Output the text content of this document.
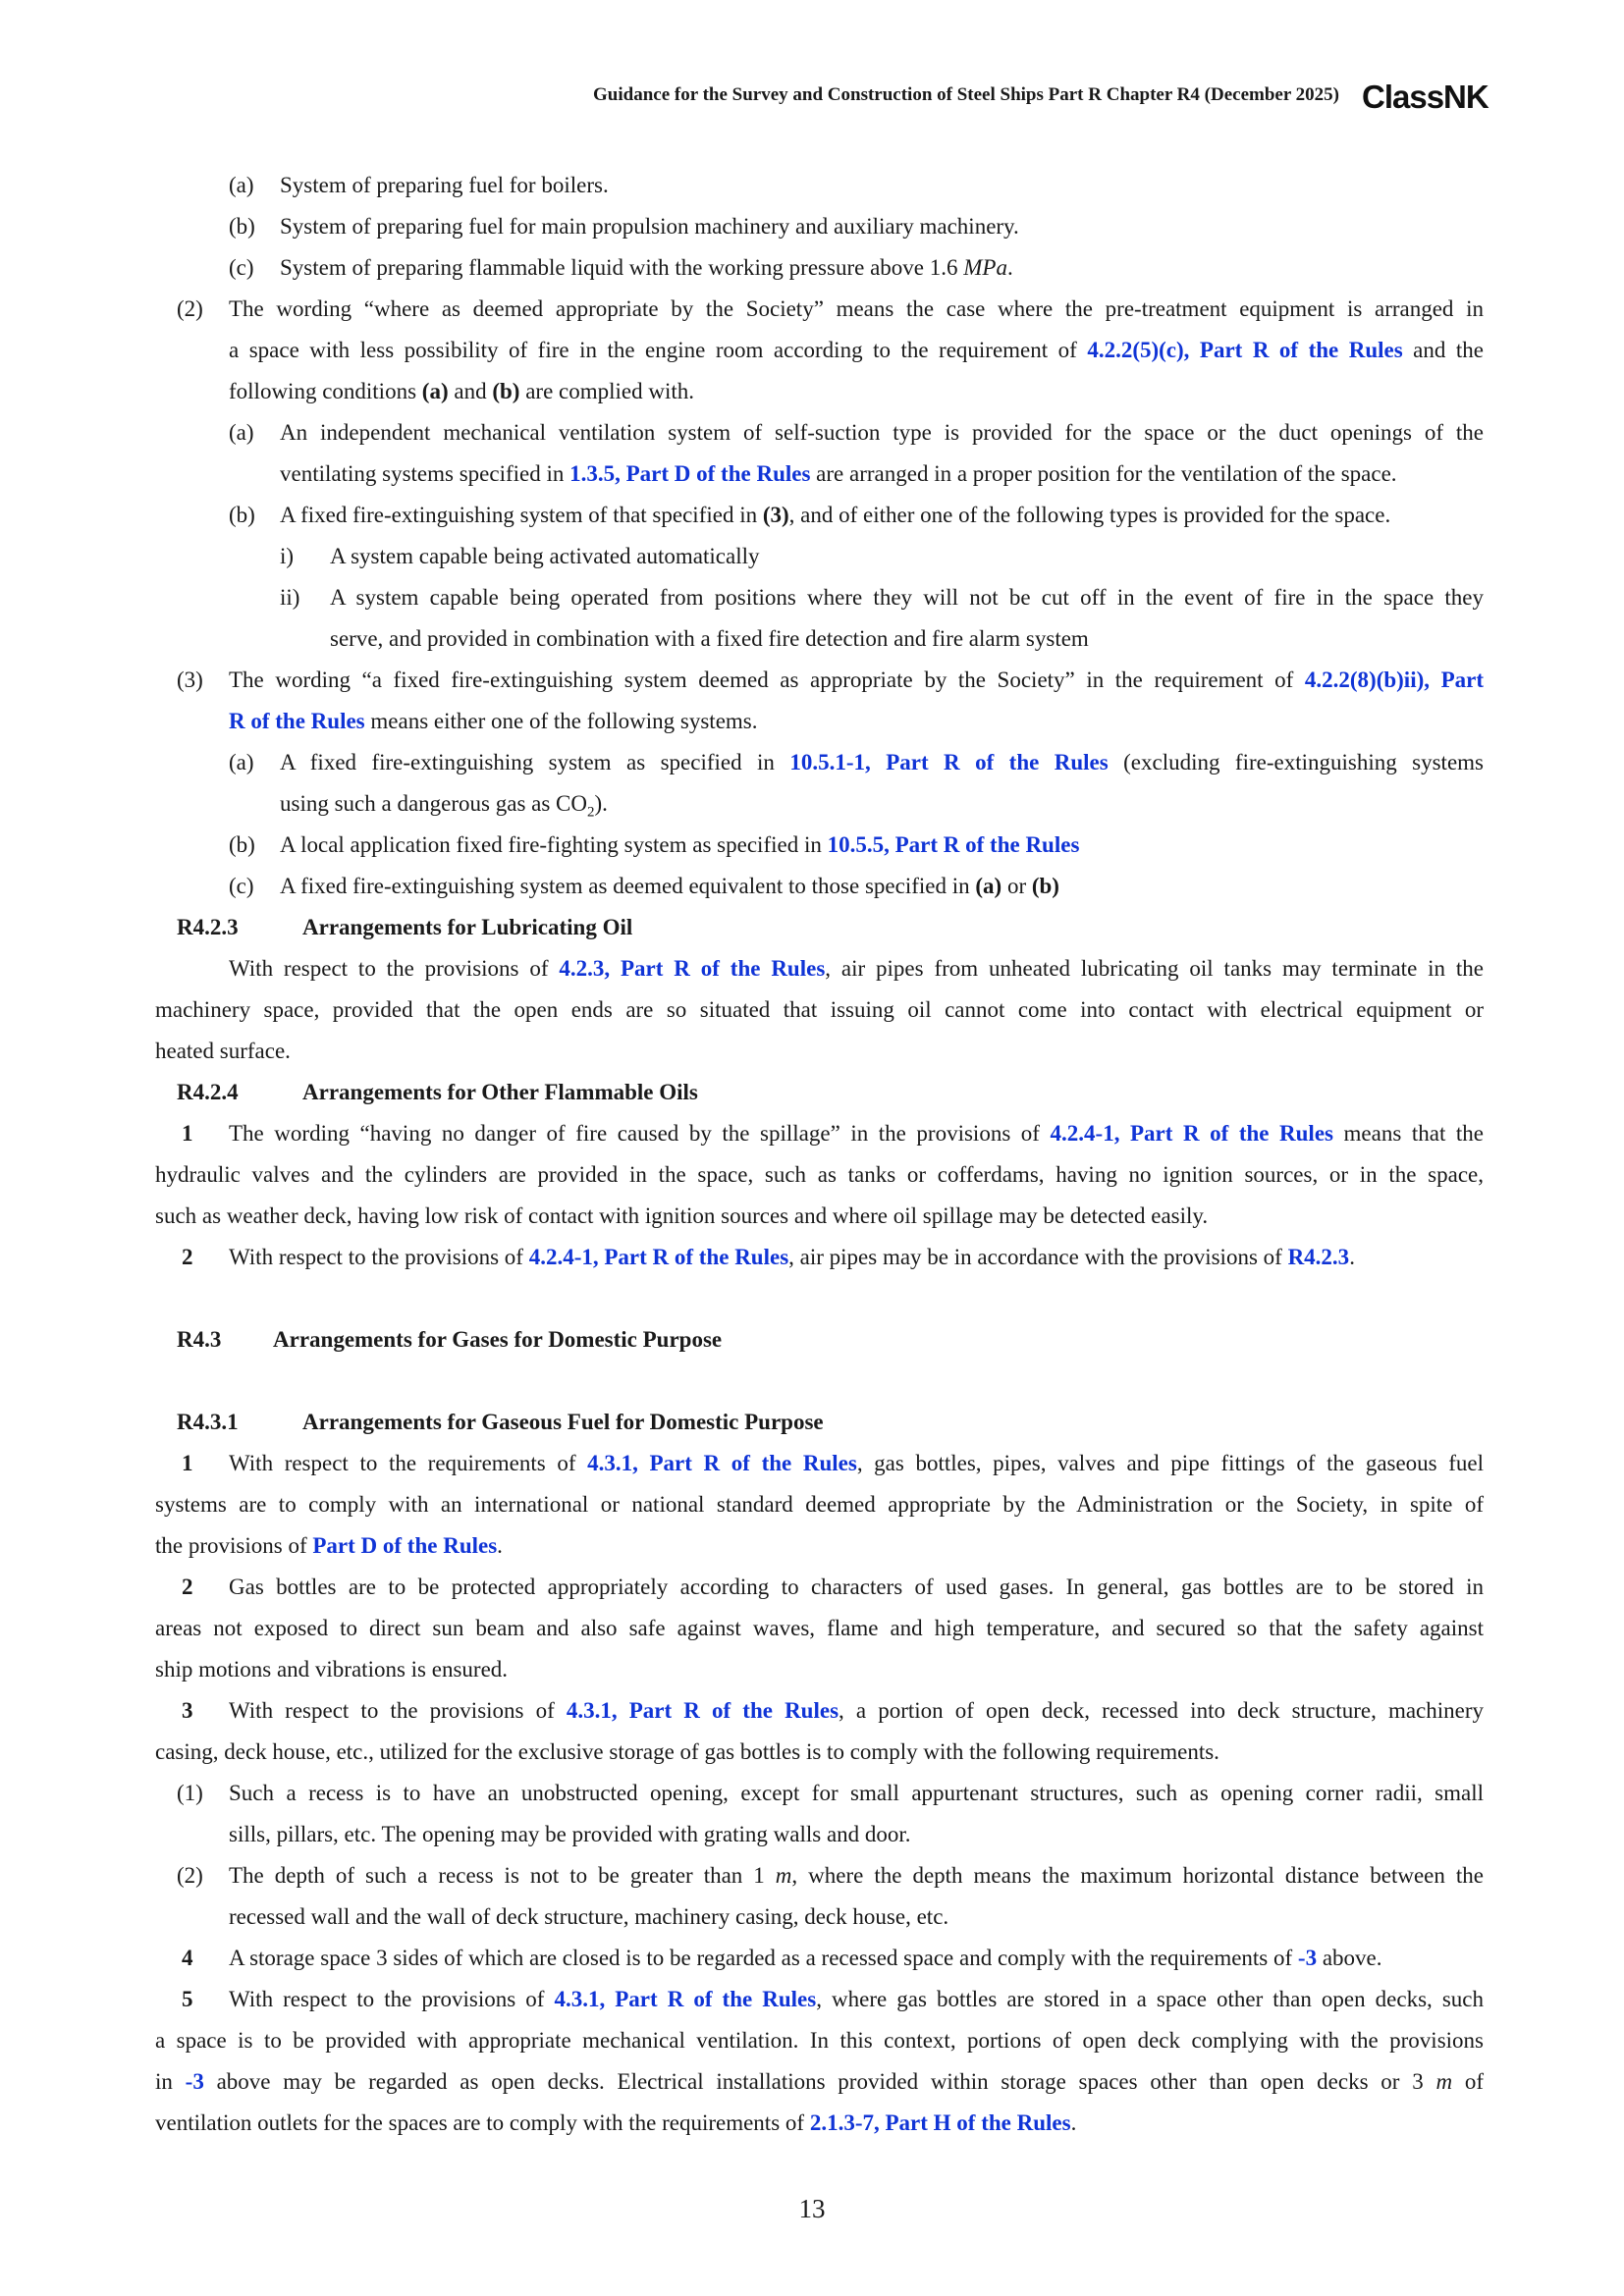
Guidance for the Survey and Construction of Steel Ships Part R Chapter R4 (December 2025) ClassNK
(a) System of preparing fuel for boilers.
(b) System of preparing fuel for main propulsion machinery and auxiliary machinery.
(c) System of preparing flammable liquid with the working pressure above 1.6 MPa.
(2) The wording “where as deemed appropriate by the Society” means the case where the pre-treatment equipment is arranged in
a space with less possibility of fire in the engine room according to the requirement of 4.2.2(5)(c), Part R of the Rules and the
following conditions (a) and (b) are complied with.
(a) An independent mechanical ventilation system of self-suction type is provided for the space or the duct openings of the
ventilating systems specified in 1.3.5, Part D of the Rules are arranged in a proper position for the ventilation of the space.
(b) A fixed fire-extinguishing system of that specified in (3), and of either one of the following types is provided for the space.
i) A system capable being activated automatically
ii) A system capable being operated from positions where they will not be cut off in the event of fire in the space they
serve, and provided in combination with a fixed fire detection and fire alarm system
(3) The wording “a fixed fire-extinguishing system deemed as appropriate by the Society” in the requirement of 4.2.2(8)(b)ii), Part
R of the Rules means either one of the following systems.
(a) A fixed fire-extinguishing system as specified in 10.5.1-1, Part R of the Rules (excluding fire-extinguishing systems
using such a dangerous gas as $CO_2$).
(b) A local application fixed fire-fighting system as specified in 10.5.5, Part R of the Rules
(c) A fixed fire-extinguishing system as deemed equivalent to those specified in (a) or (b)
R4.2.3	Arrangements for Lubricating Oil
With respect to the provisions of 4.2.3, Part R of the Rules, air pipes from unheated lubricating oil tanks may terminate in the
machinery space, provided that the open ends are so situated that issuing oil cannot come into contact with electrical equipment or
heated surface.
R4.2.4	Arrangements for Other Flammable Oils
1 The wording “having no danger of fire caused by the spillage” in the provisions of 4.2.4-1, Part R of the Rules means that the
hydraulic valves and the cylinders are provided in the space, such as tanks or cofferdams, having no ignition sources, or in the space,
such as weather deck, having low risk of contact with ignition sources and where oil spillage may be detected easily.
2 With respect to the provisions of 4.2.4-1, Part R of the Rules, air pipes may be in accordance with the provisions of R4.2.3.
R4.3 Arrangements for Gases for Domestic Purpose
R4.3.1	Arrangements for Gaseous Fuel for Domestic Purpose
1 With respect to the requirements of 4.3.1, Part R of the Rules, gas bottles, pipes, valves and pipe fittings of the gaseous fuel
systems are to comply with an international or national standard deemed appropriate by the Administration or the Society, in spite of
the provisions of Part D of the Rules.
2 Gas bottles are to be protected appropriately according to characters of used gases. In general, gas bottles are to be stored in
areas not exposed to direct sun beam and also safe against waves, flame and high temperature, and secured so that the safety against
ship motions and vibrations is ensured.
3 With respect to the provisions of 4.3.1, Part R of the Rules, a portion of open deck, recessed into deck structure, machinery
casing, deck house, etc., utilized for the exclusive storage of gas bottles is to comply with the following requirements.
(1) Such a recess is to have an unobstructed opening, except for small appurtenant structures, such as opening corner radii, small
sills, pillars, etc. The opening may be provided with grating walls and door.
(2) The depth of such a recess is not to be greater than 1 m, where the depth means the maximum horizontal distance between the
recessed wall and the wall of deck structure, machinery casing, deck house, etc.
4 A storage space 3 sides of which are closed is to be regarded as a recessed space and comply with the requirements of -3 above.
5 With respect to the provisions of 4.3.1, Part R of the Rules, where gas bottles are stored in a space other than open decks, such
a space is to be provided with appropriate mechanical ventilation. In this context, portions of open deck complying with the provisions
in -3 above may be regarded as open decks. Electrical installations provided within storage spaces other than open decks or 3 m of
ventilation outlets for the spaces are to comply with the requirements of 2.1.3-7, Part H of the Rules.
13
